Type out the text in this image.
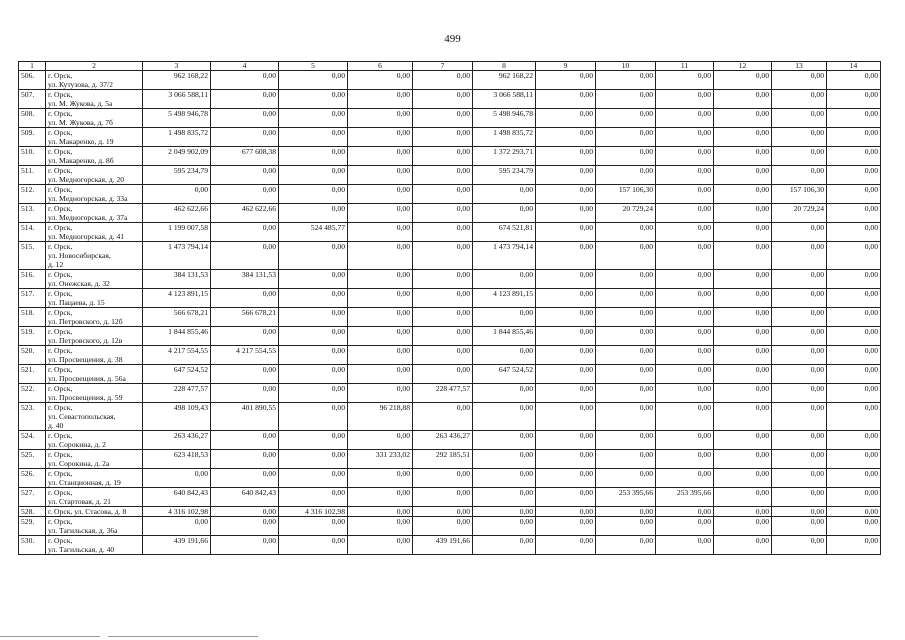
499
1	2	3	4	5	6	7	8	9	10	11	12	13	14
506.	г. Орск,
ул. Кутузова, д. 37/2	962 168,22	0,00	0,00	0,00	0,00	962 168,22	0,00	0,00	0,00	0,00	0,00	0,00
507.	г. Орск,
ул. М. Жукова, д. 5а	3 066 588,11	0,00	0,00	0,00	0,00	3 066 588,11	0,00	0,00	0,00	0,00	0,00	0,00
508.	г. Орск,
ул. М. Жукова, д. 7б	5 498 946,78	0,00	0,00	0,00	0,00	5 498 946,78	0,00	0,00	0,00	0,00	0,00	0,00
509.	г. Орск,
ул. Макаренко, д. 19	1 498 835,72	0,00	0,00	0,00	0,00	1 498 835,72	0,00	0,00	0,00	0,00	0,00	0,00
510.	г. Орск,
ул. Макаренко, д. 8б	2 049 902,09	677 608,38	0,00	0,00	0,00	1 372 293,71	0,00	0,00	0,00	0,00	0,00	0,00
511.	г. Орск,
ул. Медногорская, д. 20	595 234,79	0,00	0,00	0,00	0,00	595 234,79	0,00	0,00	0,00	0,00	0,00	0,00
512.	г. Орск,
ул. Медногорская, д. 33а	0,00	0,00	0,00	0,00	0,00	0,00	0,00	157 106,30	0,00	0,00	157 106,30	0,00
513.	г. Орск,
ул. Медногорская, д. 37а	462 622,66	462 622,66	0,00	0,00	0,00	0,00	0,00	20 729,24	0,00	0,00	20 729,24	0,00
514.	г. Орск,
ул. Медногорская, д. 41	1 199 007,58	0,00	524 485,77	0,00	0,00	674 521,81	0,00	0,00	0,00	0,00	0,00	0,00
515.	г. Орск,
ул. Новосибирская,
д. 12	1 473 794,14	0,00	0,00	0,00	0,00	1 473 794,14	0,00	0,00	0,00	0,00	0,00	0,00
516.	г. Орск,
ул. Онежская, д. 32	384 131,53	384 131,53	0,00	0,00	0,00	0,00	0,00	0,00	0,00	0,00	0,00	0,00
517.	г. Орск,
ул. Пацаева, д. 15	4 123 891,15	0,00	0,00	0,00	0,00	4 123 891,15	0,00	0,00	0,00	0,00	0,00	0,00
518.	г. Орск,
ул. Петровского, д. 12б	566 678,21	566 678,21	0,00	0,00	0,00	0,00	0,00	0,00	0,00	0,00	0,00	0,00
519.	г. Орск,
ул. Петровского, д. 12в	1 844 855,46	0,00	0,00	0,00	0,00	1 844 855,46	0,00	0,00	0,00	0,00	0,00	0,00
520.	г. Орск,
ул. Просвещения, д. 38	4 217 554,55	4 217 554,55	0,00	0,00	0,00	0,00	0,00	0,00	0,00	0,00	0,00	0,00
521.	г. Орск,
ул. Просвещения, д. 56а	647 524,52	0,00	0,00	0,00	0,00	647 524,52	0,00	0,00	0,00	0,00	0,00	0,00
522.	г. Орск,
ул. Просвещения, д. 59	228 477,57	0,00	0,00	0,00	228 477,57	0,00	0,00	0,00	0,00	0,00	0,00	0,00
523.	г. Орск,
ул. Севастопольская,
д. 40	498 109,43	401 890,55	0,00	96 218,88	0,00	0,00	0,00	0,00	0,00	0,00	0,00	0,00
524.	г. Орск,
ул. Сорокина, д. 2	263 436,27	0,00	0,00	0,00	263 436,27	0,00	0,00	0,00	0,00	0,00	0,00	0,00
525.	г. Орск,
ул. Сорокина, д. 2а	623 418,53	0,00	0,00	331 233,02	292 185,51	0,00	0,00	0,00	0,00	0,00	0,00	0,00
526.	г. Орск,
ул. Станционная, д. 19	0,00	0,00	0,00	0,00	0,00	0,00	0,00	0,00	0,00	0,00	0,00	0,00
527.	г. Орск,
ул. Стартовая, д. 21	640 842,43	640 842,43	0,00	0,00	0,00	0,00	0,00	253 395,66	253 395,66	0,00	0,00	0,00
528.	г. Орск, ул. Стасова, д. 8	4 316 102,98	0,00	4 316 102,98	0,00	0,00	0,00	0,00	0,00	0,00	0,00	0,00	0,00
529.	г. Орск,
ул. Тагильская, д. 36а	0,00	0,00	0,00	0,00	0,00	0,00	0,00	0,00	0,00	0,00	0,00	0,00
530.	г. Орск,
ул. Тагильская, д. 40	439 191,66	0,00	0,00	0,00	439 191,66	0,00	0,00	0,00	0,00	0,00	0,00	0,00
